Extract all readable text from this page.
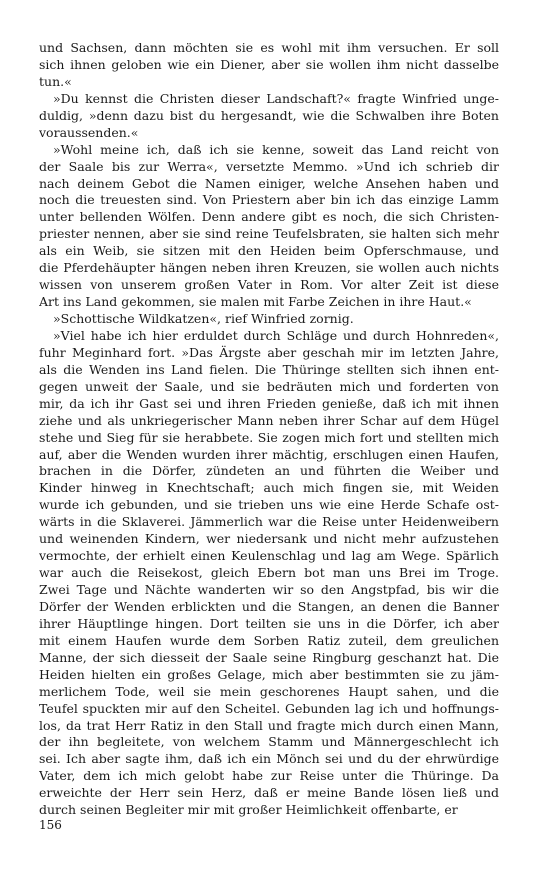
und Sachsen, dann möchten sie es wohl mit ihm versuchen. Er soll
sich ihnen geloben wie ein Diener, aber sie wollen ihm nicht dasselbe
tun.«
»Du kennst die Christen dieser Landschaft?« fragte Winfried unge-
duldig, »denn dazu bist du hergesandt, wie die Schwalben ihre Boten
voraussenden.«
»Wohl meine ich, daß ich sie kenne, soweit das Land reicht von
der Saale bis zur Werra«, versetzte Memmo. »Und ich schrieb dir
nach deinem Gebot die Namen einiger, welche Ansehen haben und
noch die treuesten sind. Von Priestern aber bin ich das einzige Lamm
unter bellenden Wölfen. Denn andere gibt es noch, die sich Christen-
priester nennen, aber sie sind reine Teufelsbraten, sie halten sich mehr
als ein Weib, sie sitzen mit den Heiden beim Opferschmause, und
die Pferdehäupter hängen neben ihren Kreuzen, sie wollen auch nichts
wissen von unserem großen Vater in Rom. Vor alter Zeit ist diese
Art ins Land gekommen, sie malen mit Farbe Zeichen in ihre Haut.«
»Schottische Wildkatzen«, rief Winfried zornig.
»Viel habe ich hier erduldet durch Schläge und durch Hohnreden«,
fuhr Meginhard fort. »Das Ärgste aber geschah mir im letzten Jahre,
als die Wenden ins Land fielen. Die Thüringe stellten sich ihnen ent-
gegen unweit der Saale, und sie bedräuten mich und forderten von
mir, da ich ihr Gast sei und ihren Frieden genieße, daß ich mit ihnen
ziehe und als unkriegerischer Mann neben ihrer Schar auf dem Hügel
stehe und Sieg für sie herabbete. Sie zogen mich fort und stellten mich
auf, aber die Wenden wurden ihrer mächtig, erschlugen einen Haufen,
brachen in die Dörfer, zündeten an und führten die Weiber und
Kinder hinweg in Knechtschaft; auch mich fingen sie, mit Weiden
wurde ich gebunden, und sie trieben uns wie eine Herde Schafe ost-
wärts in die Sklaverei. Jämmerlich war die Reise unter Heidenweibern
und weinenden Kindern, wer niedersank und nicht mehr aufzustehen
vermochte, der erhielt einen Keulenschlag und lag am Wege. Spärlich
war auch die Reisekost, gleich Ebern bot man uns Brei im Troge.
Zwei Tage und Nächte wanderten wir so den Angstpfad, bis wir die
Dörfer der Wenden erblickten und die Stangen, an denen die Banner
ihrer Häuptlinge hingen. Dort teilten sie uns in die Dörfer, ich aber
mit einem Haufen wurde dem Sorben Ratiz zuteil, dem greulichen
Manne, der sich diesseit der Saale seine Ringburg geschanzt hat. Die
Heiden hielten ein großes Gelage, mich aber bestimmten sie zu jäm-
merlichem Tode, weil sie mein geschorenes Haupt sahen, und die
Teufel spuckten mir auf den Scheitel. Gebunden lag ich und hoffnungs-
los, da trat Herr Ratiz in den Stall und fragte mich durch einen Mann,
der ihn begleitete, von welchem Stamm und Männergeschlecht ich
sei. Ich aber sagte ihm, daß ich ein Mönch sei und du der ehrwürdige
Vater, dem ich mich gelobt habe zur Reise unter die Thüringe. Da
erweichte der Herr sein Herz, daß er meine Bande lösen ließ und
durch seinen Begleiter mir mit großer Heimlichkeit offenbarte, er
156
